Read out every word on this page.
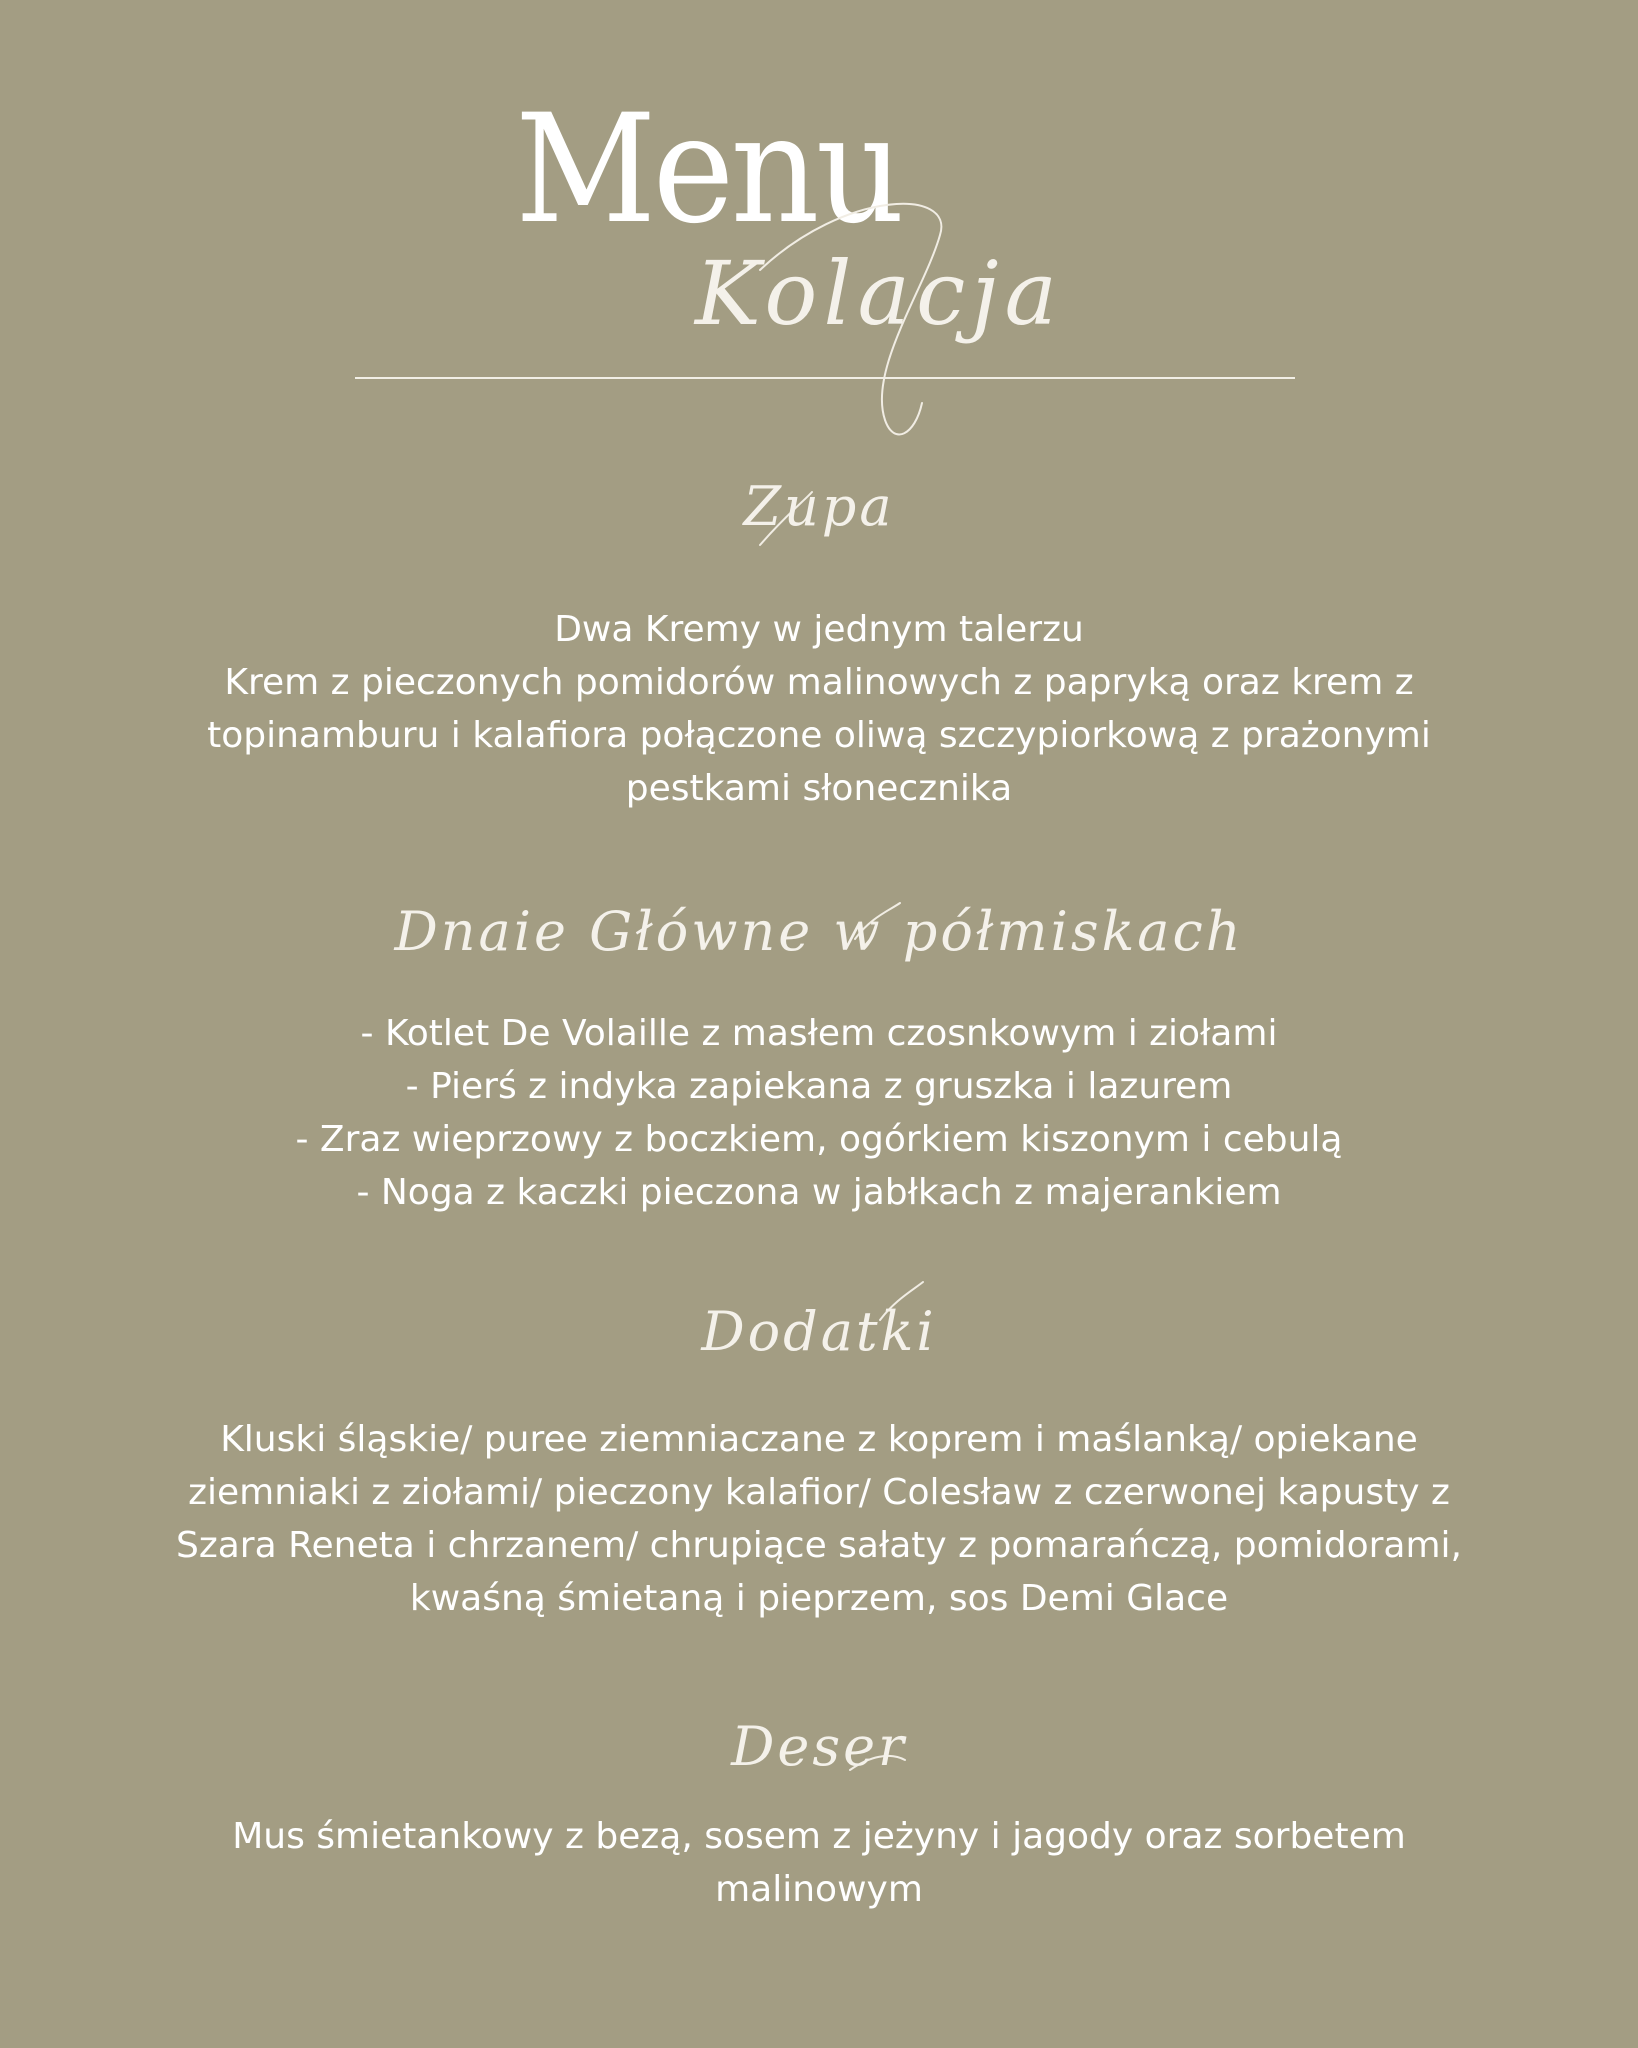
Menu
Kolacja
Zupa
Dwa Kremy w jednym talerzu
Krem z pieczonych pomidorów malinowych z papryką oraz krem z
topinamburu i kalafiora połączone oliwą szczypiorkową z prażonymi
pestkami słonecznika
Dnaie Główne w półmiskach
- Kotlet De Volaille z masłem czosnkowym i ziołami
- Pierś z indyka zapiekana z gruszka i lazurem
- Zraz wieprzowy z boczkiem, ogórkiem kiszonym i cebulą
- Noga z kaczki pieczona w jabłkach z majerankiem
Dodatki
Kluski śląskie/ puree ziemniaczane z koprem i maślanką/ opiekane
ziemniaki z ziołami/ pieczony kalafior/ Colesław z czerwonej kapusty z
Szara Reneta i chrzanem/ chrupiące sałaty z pomarańczą, pomidorami,
kwaśną śmietaną i pieprzem, sos Demi Glace
Deser
Mus śmietankowy z bezą, sosem z jeżyny i jagody oraz sorbetem
malinowym
